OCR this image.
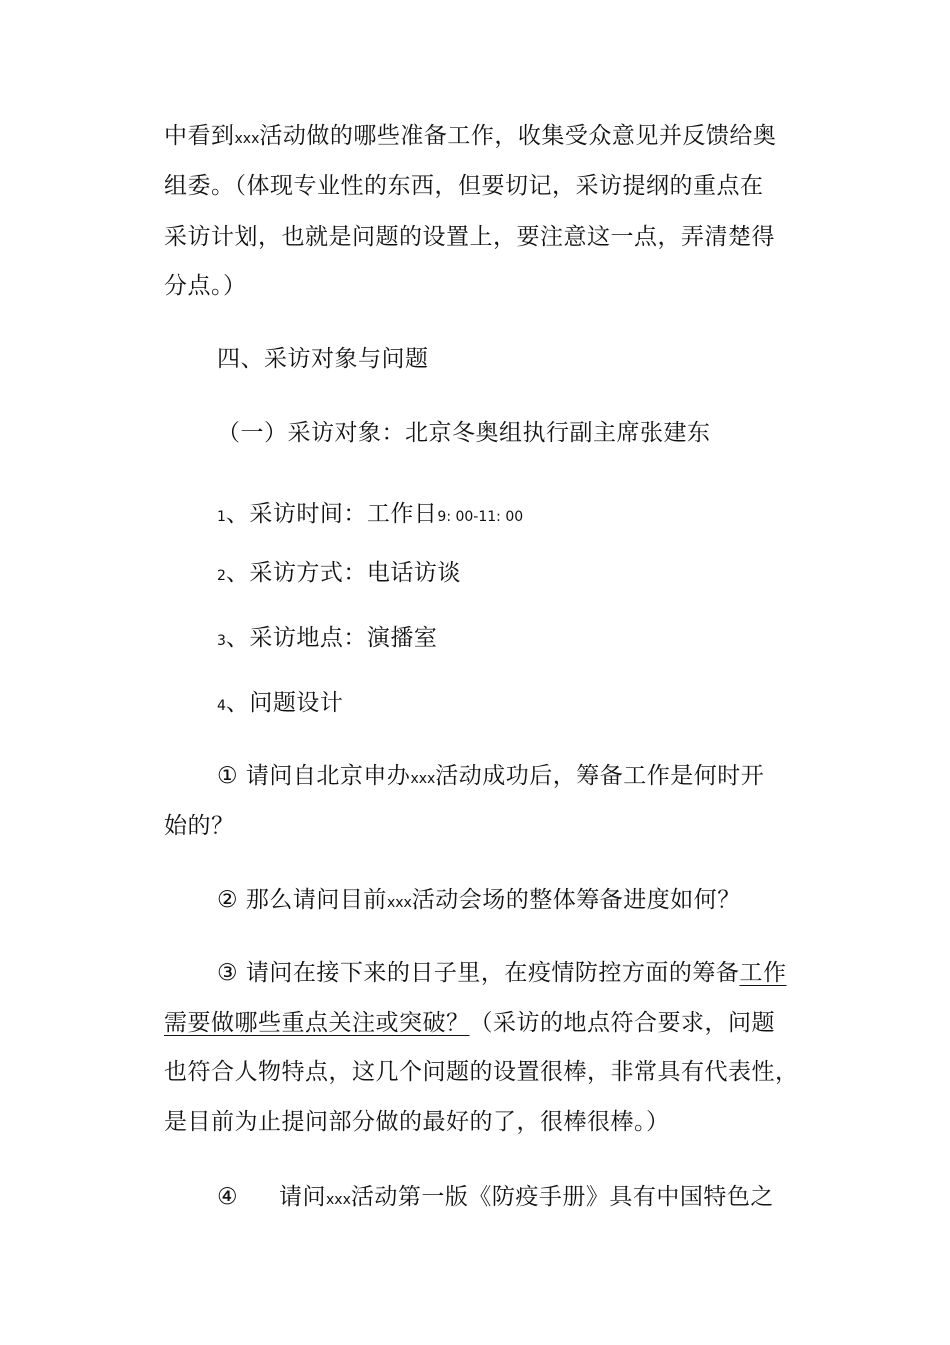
中看到xxx活动做的哪些准备工作，收集受众意见并反馈给奥
组委。（体现专业性的东西，但要切记，采访提纲的重点在
采访计划，也就是问题的设置上，要注意这一点，弄清楚得
分点。）
四、采访对象与问题
（一）采访对象：北京冬奥组执行副主席张建东
1、采访时间：工作日9: 00-11: 00
2、采访方式：电话访谈
3、采访地点：演播室
4、问题设计
① 请问自北京申办xxx活动成功后，筹备工作是何时开
始的？
② 那么请问目前xxx活动会场的整体筹备进度如何？
③ 请问在接下来的日子里，在疫情防控方面的筹备工作
需要做哪些重点关注或突破？（采访的地点符合要求，问题
也符合人物特点，这几个问题的设置很棒，非常具有代表性，
是目前为止提问部分做的最好的了，很棒很棒。）
④ 请问xxx活动第一版《防疫手册》具有中国特色之
